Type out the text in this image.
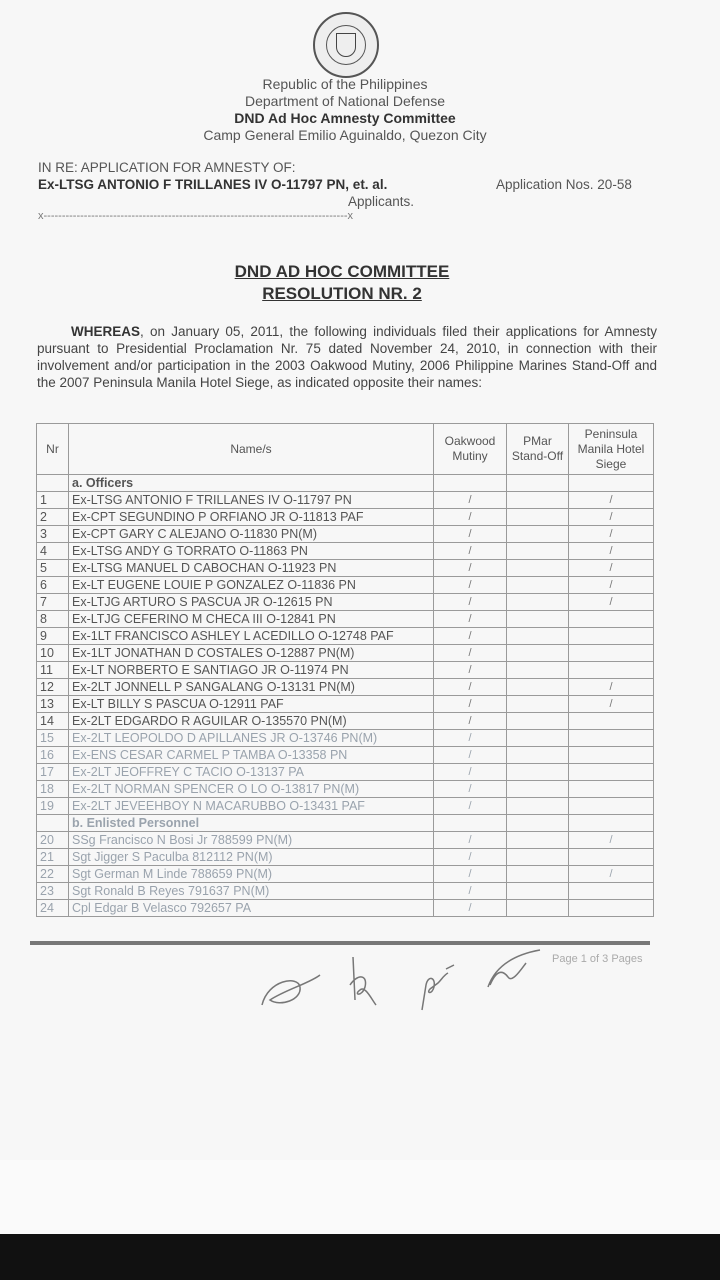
Republic of the Philippines
Department of National Defense
DND Ad Hoc Amnesty Committee
Camp General Emilio Aguinaldo, Quezon City
IN RE: APPLICATION FOR AMNESTY OF:
Ex-LTSG ANTONIO F TRILLANES IV O-11797 PN, et. al.	Application Nos. 20-58
Applicants.
x-----------------------------------------------------------------------------------x
DND AD HOC COMMITTEE
RESOLUTION NR. 2
WHEREAS, on January 05, 2011, the following individuals filed their applications for Amnesty pursuant to Presidential Proclamation Nr. 75 dated November 24, 2010, in connection with their involvement and/or participation in the 2003 Oakwood Mutiny, 2006 Philippine Marines Stand-Off and the 2007 Peninsula Manila Hotel Siege, as indicated opposite their names:
Nr	Name/s	Oakwood Mutiny	PMar Stand-Off	Peninsula Manila Hotel Siege
	a. Officers			
1	Ex-LTSG ANTONIO F TRILLANES IV O-11797 PN	/		/
2	Ex-CPT SEGUNDINO P ORFIANO JR O-11813 PAF	/		/
3	Ex-CPT GARY C ALEJANO O-11830 PN(M)	/		/
4	Ex-LTSG ANDY G TORRATO O-11863 PN	/		/
5	Ex-LTSG MANUEL D CABOCHAN O-11923 PN	/		/
6	Ex-LT EUGENE LOUIE P GONZALEZ O-11836 PN	/		/
7	Ex-LTJG ARTURO S PASCUA JR O-12615 PN	/		/
8	Ex-LTJG CEFERINO M CHECA III O-12841 PN	/		
9	Ex-1LT FRANCISCO ASHLEY L ACEDILLO O-12748 PAF	/		
10	Ex-1LT JONATHAN D COSTALES O-12887 PN(M)	/		
11	Ex-LT NORBERTO E SANTIAGO JR O-11974 PN	/		
12	Ex-2LT JONNELL P SANGALANG O-13131 PN(M)	/		/
13	Ex-LT BILLY S PASCUA O-12911 PAF	/		/
14	Ex-2LT EDGARDO R AGUILAR O-135570 PN(M)	/		
15	Ex-2LT LEOPOLDO D APILLANES JR O-13746 PN(M)	/		
16	Ex-ENS CESAR CARMEL P TAMBA O-13358 PN	/		
17	Ex-2LT JEOFFREY C TACIO O-13137 PA	/		
18	Ex-2LT NORMAN SPENCER O LO O-13817 PN(M)	/		
19	Ex-2LT JEVEEHBOY N MACARUBBO O-13431 PAF	/		
	b. Enlisted Personnel			
20	SSg Francisco N Bosi Jr 788599 PN(M)	/		/
21	Sgt Jigger S Paculba 812112 PN(M)	/		
22	Sgt German M Linde 788659 PN(M)	/		/
23	Sgt Ronald B Reyes 791637 PN(M)	/		
24	Cpl Edgar B Velasco 792657 PA	/		
Page 1 of 3 Pages
